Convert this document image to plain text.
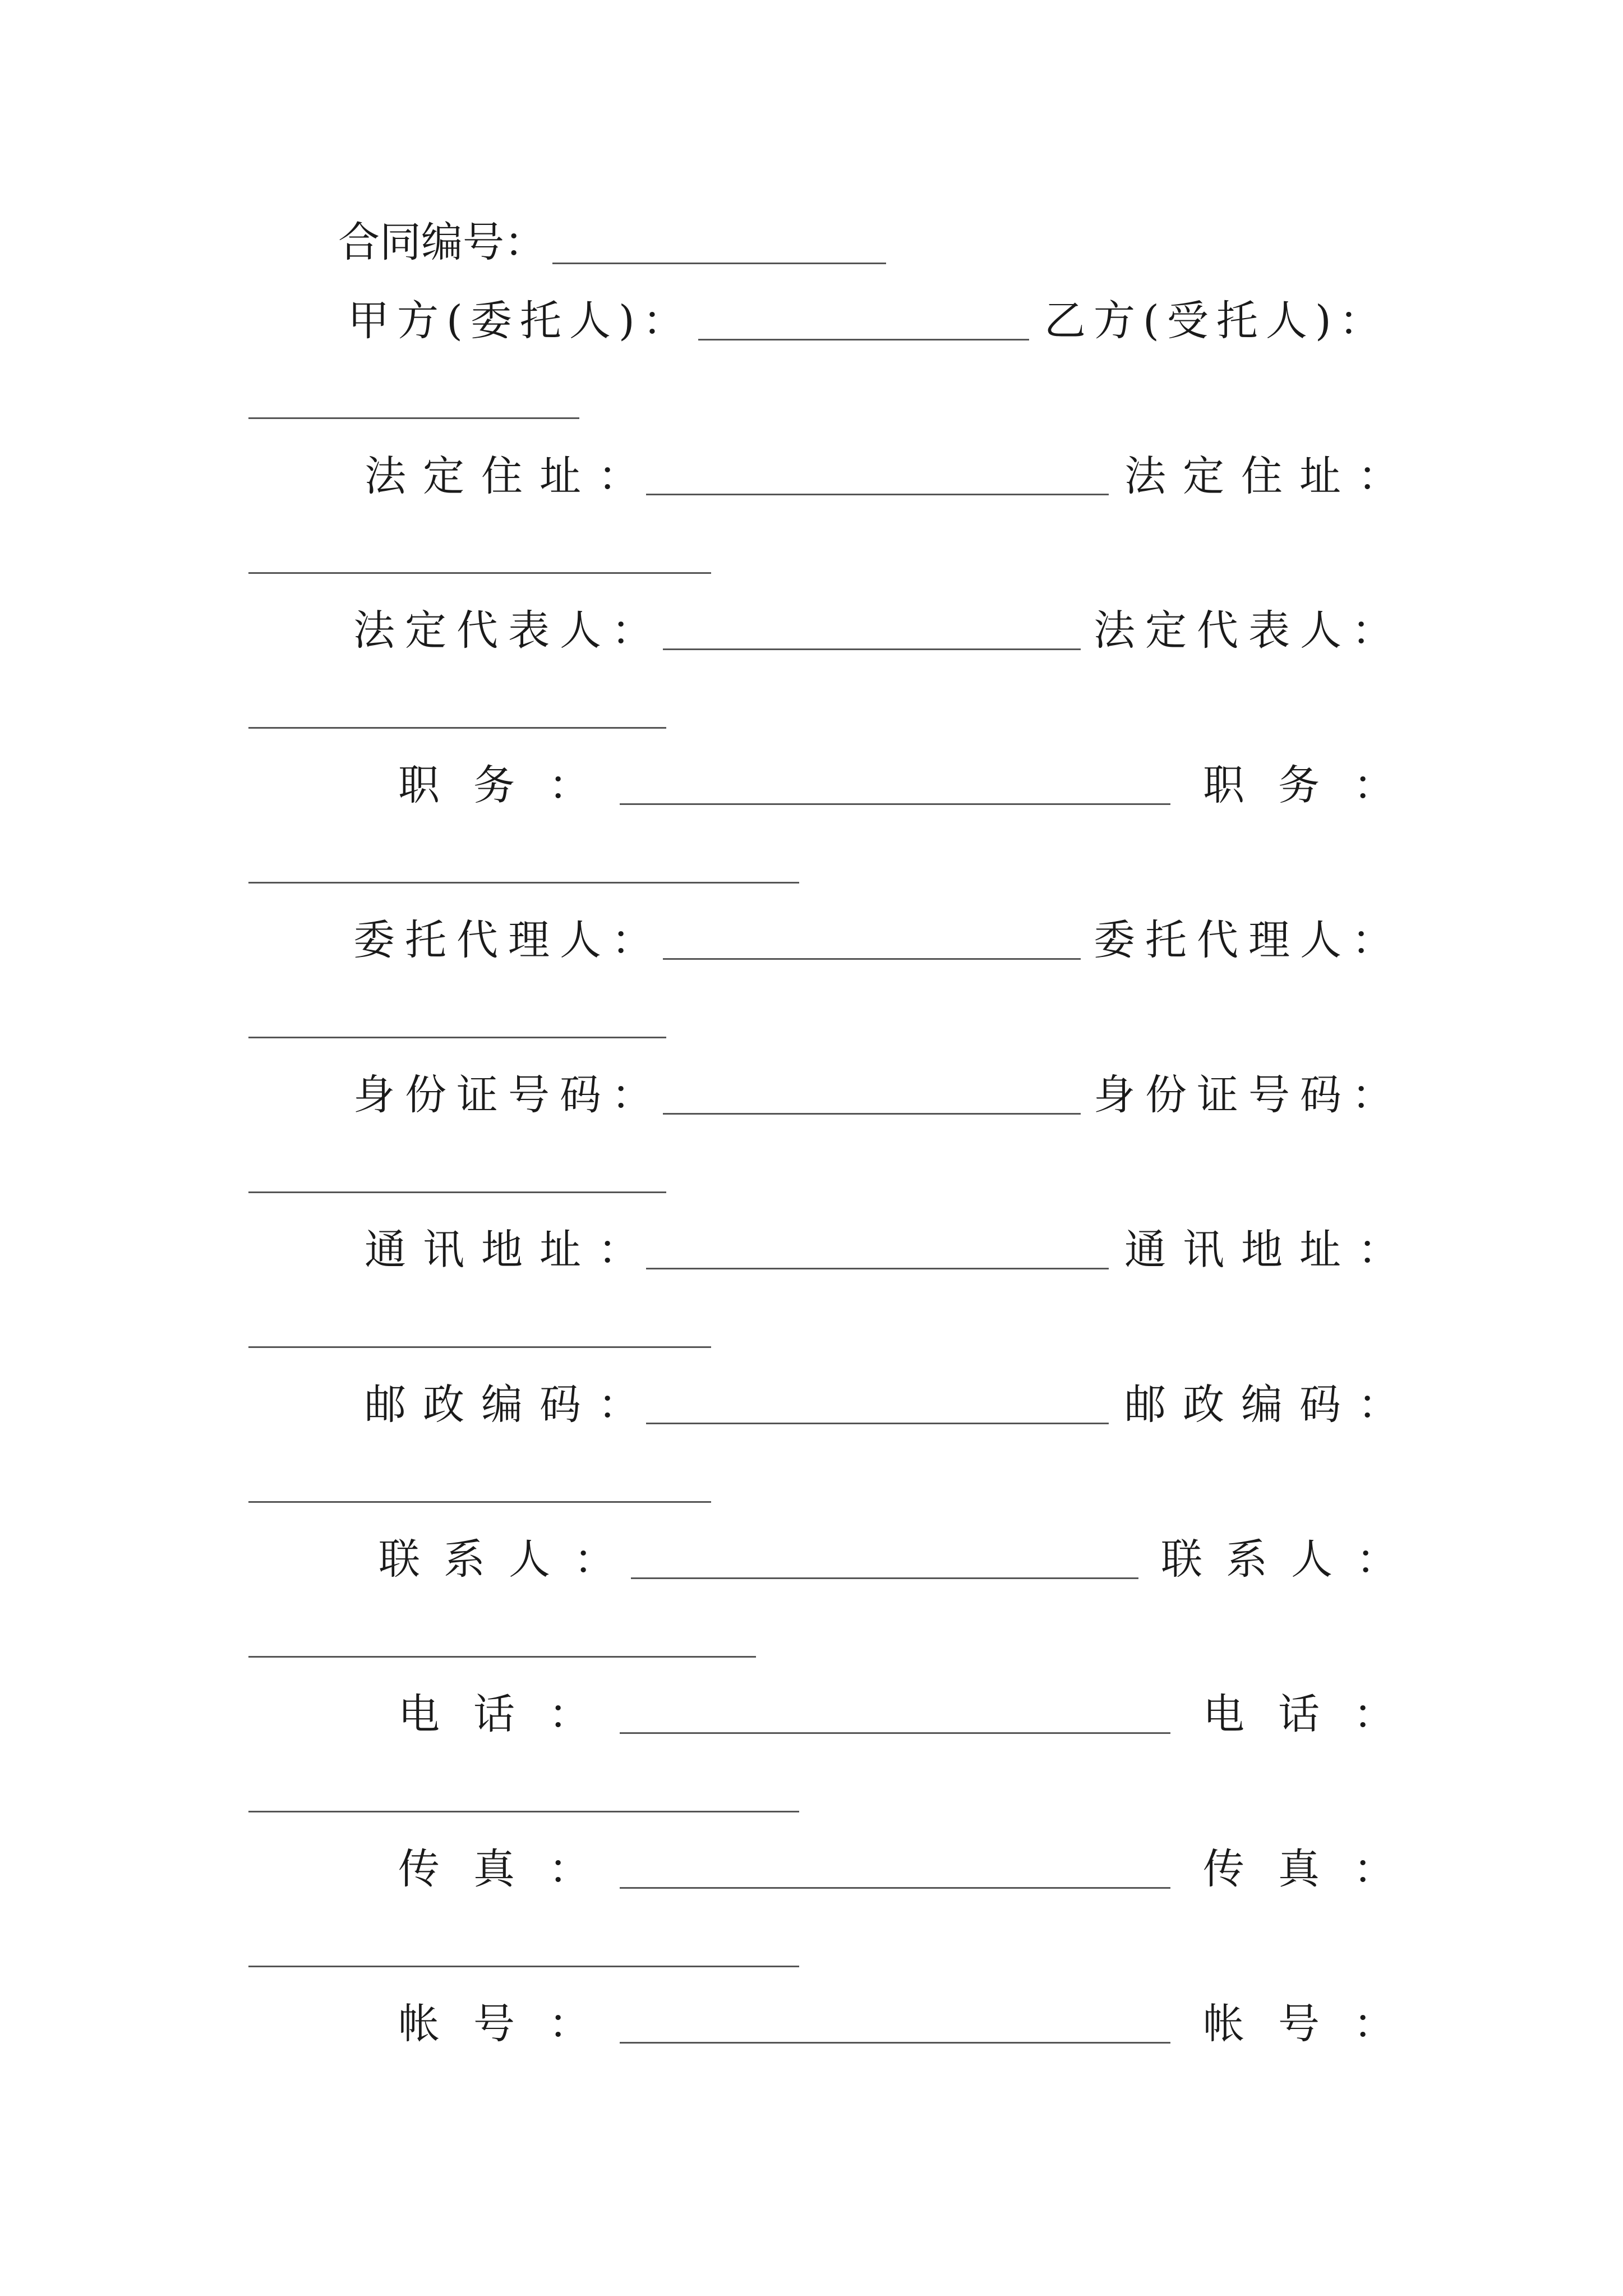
合同编号：
甲方(委托人)：	乙方(受托人)：
法定住址：	法定住址：
法定代表人：	法定代表人：
职务：	职务：
委托代理人：	委托代理人：
身份证号码：	身份证号码：
通讯地址：	通讯地址：
邮政编码：	邮政编码：
联系人：	联系人：
电话：	电话：
传真：	传真：
帐号：	帐号：
